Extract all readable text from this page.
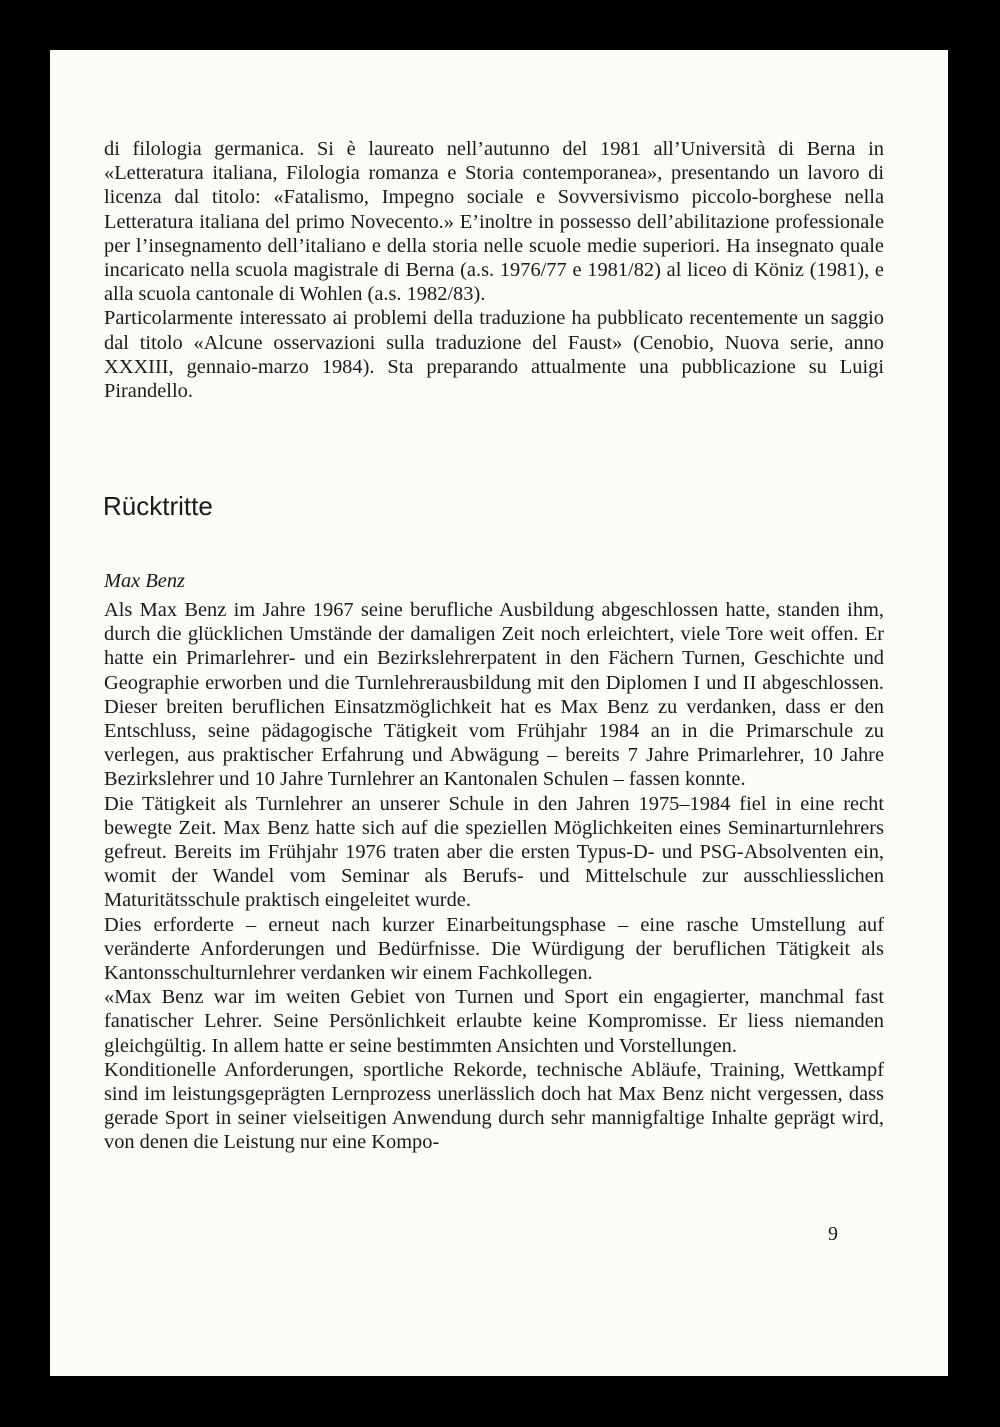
di filologia germanica. Si è laureato nell’autunno del 1981 all’Università di Berna in «Letteratura italiana, Filologia romanza e Storia contemporanea», presentando un lavoro di licenza dal titolo: «Fatalismo, Impegno sociale e Sovversivismo piccolo-borghese nella Letteratura italiana del primo Novecento.» E’inoltre in possesso dell’abilitazione professionale per l’insegnamento dell’italiano e della storia nelle scuole medie superiori. Ha insegnato quale incaricato nella scuola magistrale di Berna (a.s. 1976/77 e 1981/82) al liceo di Köniz (1981), e alla scuola cantonale di Wohlen (a.s. 1982/83).

Particolarmente interessato ai problemi della traduzione ha pubblicato recentemente un saggio dal titolo «Alcune osservazioni sulla traduzione del Faust» (Cenobio, Nuova serie, anno XXXIII, gennaio-marzo 1984). Sta preparando attualmente una pubblicazione su Luigi Pirandello.

Rücktritte
Max Benz

Als Max Benz im Jahre 1967 seine berufliche Ausbildung abgeschlossen hatte, standen ihm, durch die glücklichen Umstände der damaligen Zeit noch erleichtert, viele Tore weit offen. Er hatte ein Primarlehrer- und ein Bezirkslehrerpatent in den Fächern Turnen, Geschichte und Geographie erworben und die Turnlehrerausbildung mit den Diplomen I und II abgeschlossen. Dieser breiten beruflichen Einsatzmöglichkeit hat es Max Benz zu verdanken, dass er den Entschluss, seine pädagogische Tätigkeit vom Frühjahr 1984 an in die Primarschule zu verlegen, aus praktischer Erfahrung und Abwägung – bereits 7 Jahre Primarlehrer, 10 Jahre Bezirkslehrer und 10 Jahre Turnlehrer an Kantonalen Schulen – fassen konnte.

Die Tätigkeit als Turnlehrer an unserer Schule in den Jahren 1975–1984 fiel in eine recht bewegte Zeit. Max Benz hatte sich auf die speziellen Möglichkeiten eines Seminarturnlehrers gefreut. Bereits im Frühjahr 1976 traten aber die ersten Typus-D- und PSG-Absolventen ein, womit der Wandel vom Seminar als Berufs- und Mittelschule zur ausschliesslichen Maturitätsschule praktisch eingeleitet wurde.

Dies erforderte – erneut nach kurzer Einarbeitungsphase – eine rasche Umstellung auf veränderte Anforderungen und Bedürfnisse. Die Würdigung der beruflichen Tätigkeit als Kantonsschulturnlehrer verdanken wir einem Fachkollegen.

«Max Benz war im weiten Gebiet von Turnen und Sport ein engagierter, manchmal fast fanatischer Lehrer. Seine Persönlichkeit erlaubte keine Kompromisse. Er liess niemanden gleichgültig. In allem hatte er seine bestimmten Ansichten und Vorstellungen.

Konditionelle Anforderungen, sportliche Rekorde, technische Abläufe, Training, Wettkampf sind im leistungsgeprägten Lernprozess unerlässlich doch hat Max Benz nicht vergessen, dass gerade Sport in seiner vielseitigen Anwendung durch sehr mannigfaltige Inhalte geprägt wird, von denen die Leistung nur eine Kompo-

9
